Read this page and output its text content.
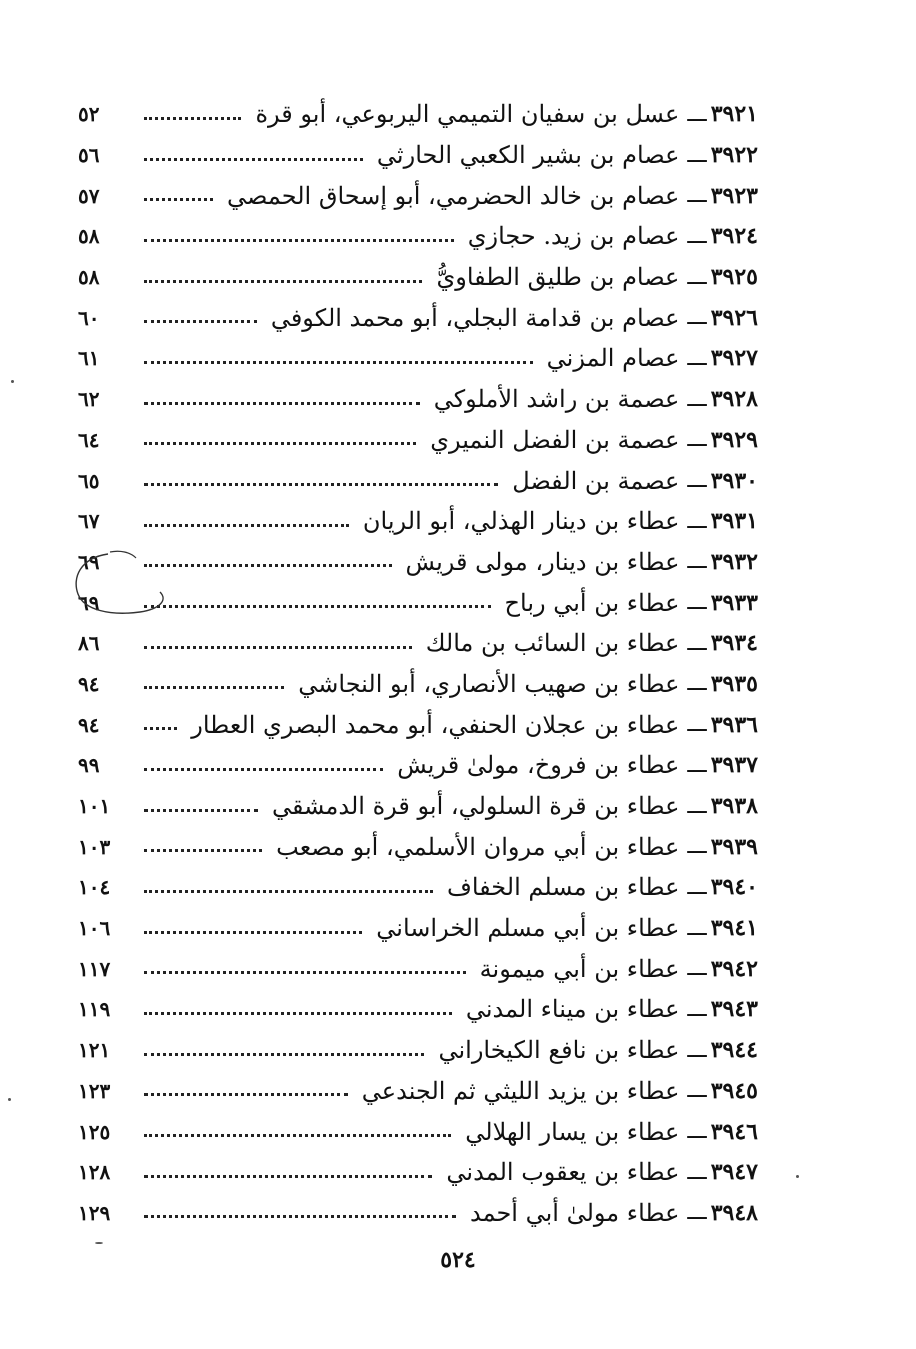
٣٩٢١
ـــ
عسل بن سفيان التميمي اليربوعي، أبو قرة
٥٢
٣٩٢٢
ـــ
عصام بن بشير الكعبي الحارثي
٥٦
٣٩٢٣
ـــ
عصام بن خالد الحضرمي، أبو إسحاق الحمصي
٥٧
٣٩٢٤
ـــ
عصام بن زيد. حجازي
٥٨
٣٩٢٥
ـــ
عصام بن طليق الطفاويُّ
٥٨
٣٩٢٦
ـــ
عصام بن قدامة البجلي، أبو محمد الكوفي
٦٠
٣٩٢٧
ـــ
عصام المزني
٦١
٣٩٢٨
ـــ
عصمة بن راشد الأملوكي
٦٢
٣٩٢٩
ـــ
عصمة بن الفضل النميري
٦٤
٣٩٣٠
ـــ
عصمة بن الفضل
٦٥
٣٩٣١
ـــ
عطاء بن دينار الهذلي، أبو الريان
٦٧
٣٩٣٢
ـــ
عطاء بن دينار، مولى قريش
٦٩
٣٩٣٣
ـــ
عطاء بن أبي رباح
٦٩
٣٩٣٤
ـــ
عطاء بن السائب بن مالك
٨٦
٣٩٣٥
ـــ
عطاء بن صهيب الأنصاري، أبو النجاشي
٩٤
٣٩٣٦
ـــ
عطاء بن عجلان الحنفي، أبو محمد البصري العطار
٩٤
٣٩٣٧
ـــ
عطاء بن فروخ، مولىٰ قريش
٩٩
٣٩٣٨
ـــ
عطاء بن قرة السلولي، أبو قرة الدمشقي
١٠١
٣٩٣٩
ـــ
عطاء بن أبي مروان الأسلمي، أبو مصعب
١٠٣
٣٩٤٠
ـــ
عطاء بن مسلم الخفاف
١٠٤
٣٩٤١
ـــ
عطاء بن أبي مسلم الخراساني
١٠٦
٣٩٤٢
ـــ
عطاء بن أبي ميمونة
١١٧
٣٩٤٣
ـــ
عطاء بن ميناء المدني
١١٩
٣٩٤٤
ـــ
عطاء بن نافع الكيخاراني
١٢١
٣٩٤٥
ـــ
عطاء بن يزيد الليثي ثم الجندعي
١٢٣
٣٩٤٦
ـــ
عطاء بن يسار الهلالي
١٢٥
٣٩٤٧
ـــ
عطاء بن يعقوب المدني
١٢٨
٣٩٤٨
ـــ
عطاء مولىٰ أبي أحمد
١٢٩
٥٢٤
